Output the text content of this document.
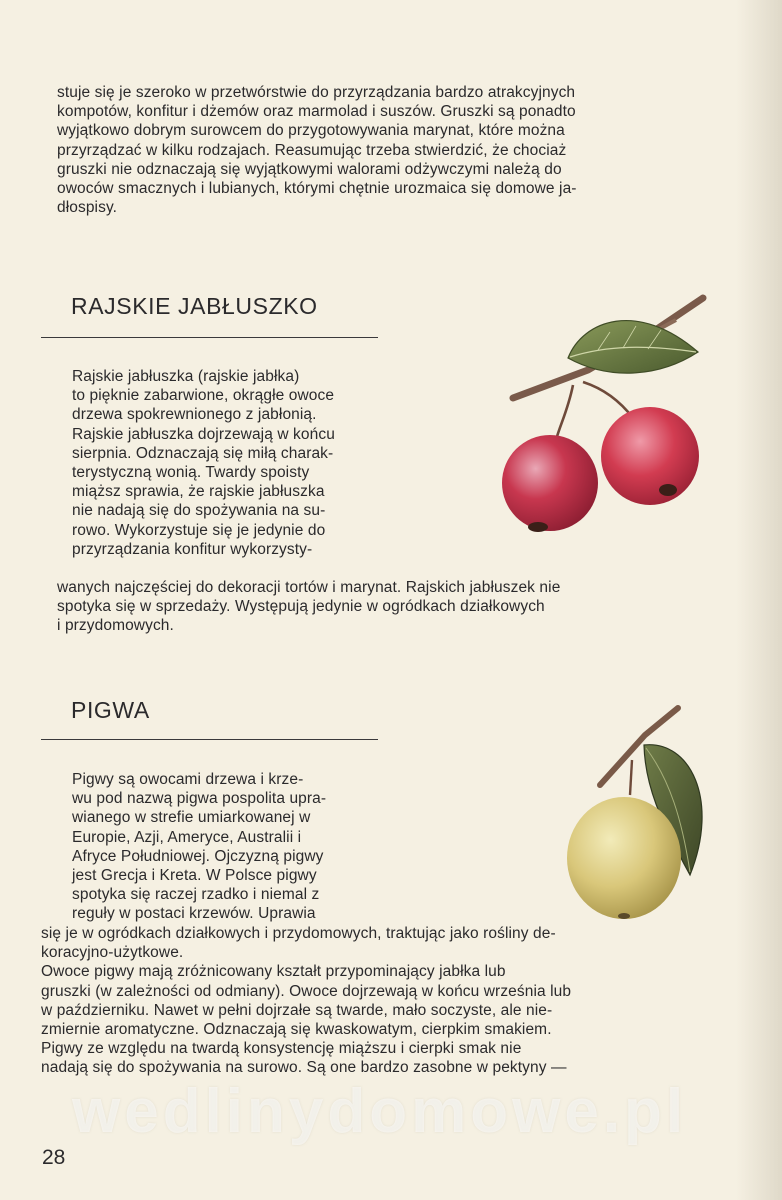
stuje się je szeroko w przetwórstwie do przyrządzania bardzo atrakcyjnych
kompotów, konfitur i dżemów oraz marmolad i suszów. Gruszki są ponadto
wyjątkowo dobrym surowcem do przygotowywania marynat, które można
przyrządzać w kilku rodzajach. Reasumując trzeba stwierdzić, że chociaż
gruszki nie odznaczają się wyjątkowymi walorami odżywczymi należą do
owoców smacznych i lubianych, którymi chętnie urozmaica się domowe ja-
dłospisy.

RAJSKIE JABŁUSZKO

Rajskie jabłuszka (rajskie jabłka)
to pięknie zabarwione, okrągłe owoce
drzewa spokrewnionego z jabłonią.
Rajskie jabłuszka dojrzewają w końcu
sierpnia. Odznaczają się miłą charak-
terystyczną wonią. Twardy spoisty
miąższ sprawia, że rajskie jabłuszka
nie nadają się do spożywania na su-
rowo. Wykorzystuje się je jedynie do
przyrządzania konfitur wykorzysty-

wanych najczęściej do dekoracji tortów i marynat. Rajskich jabłuszek nie
spotyka się w sprzedaży. Występują jedynie w ogródkach działkowych
i przydomowych.

PIGWA

Pigwy są owocami drzewa i krze-
wu pod nazwą pigwa pospolita upra-
wianego w strefie umiarkowanej w
Europie, Azji, Ameryce, Australii i
Afryce Południowej. Ojczyzną pigwy
jest Grecja i Kreta. W Polsce pigwy
spotyka się raczej rzadko i niemal z
reguły w postaci krzewów. Uprawia

się je w ogródkach działkowych i przydomowych, traktując jako rośliny de-
koracyjno-użytkowe.
Owoce pigwy mają zróżnicowany kształt przypominający jabłka lub
gruszki (w zależności od odmiany). Owoce dojrzewają w końcu września lub
w październiku. Nawet w pełni dojrzałe są twarde, mało soczyste, ale nie-
zmiernie aromatyczne. Odznaczają się kwaskowatym, cierpkim smakiem.
Pigwy ze względu na twardą konsystencję miąższu i cierpki smak nie
nadają się do spożywania na surowo. Są one bardzo zasobne w pektyny —

wedlinydomowe.pl
28
